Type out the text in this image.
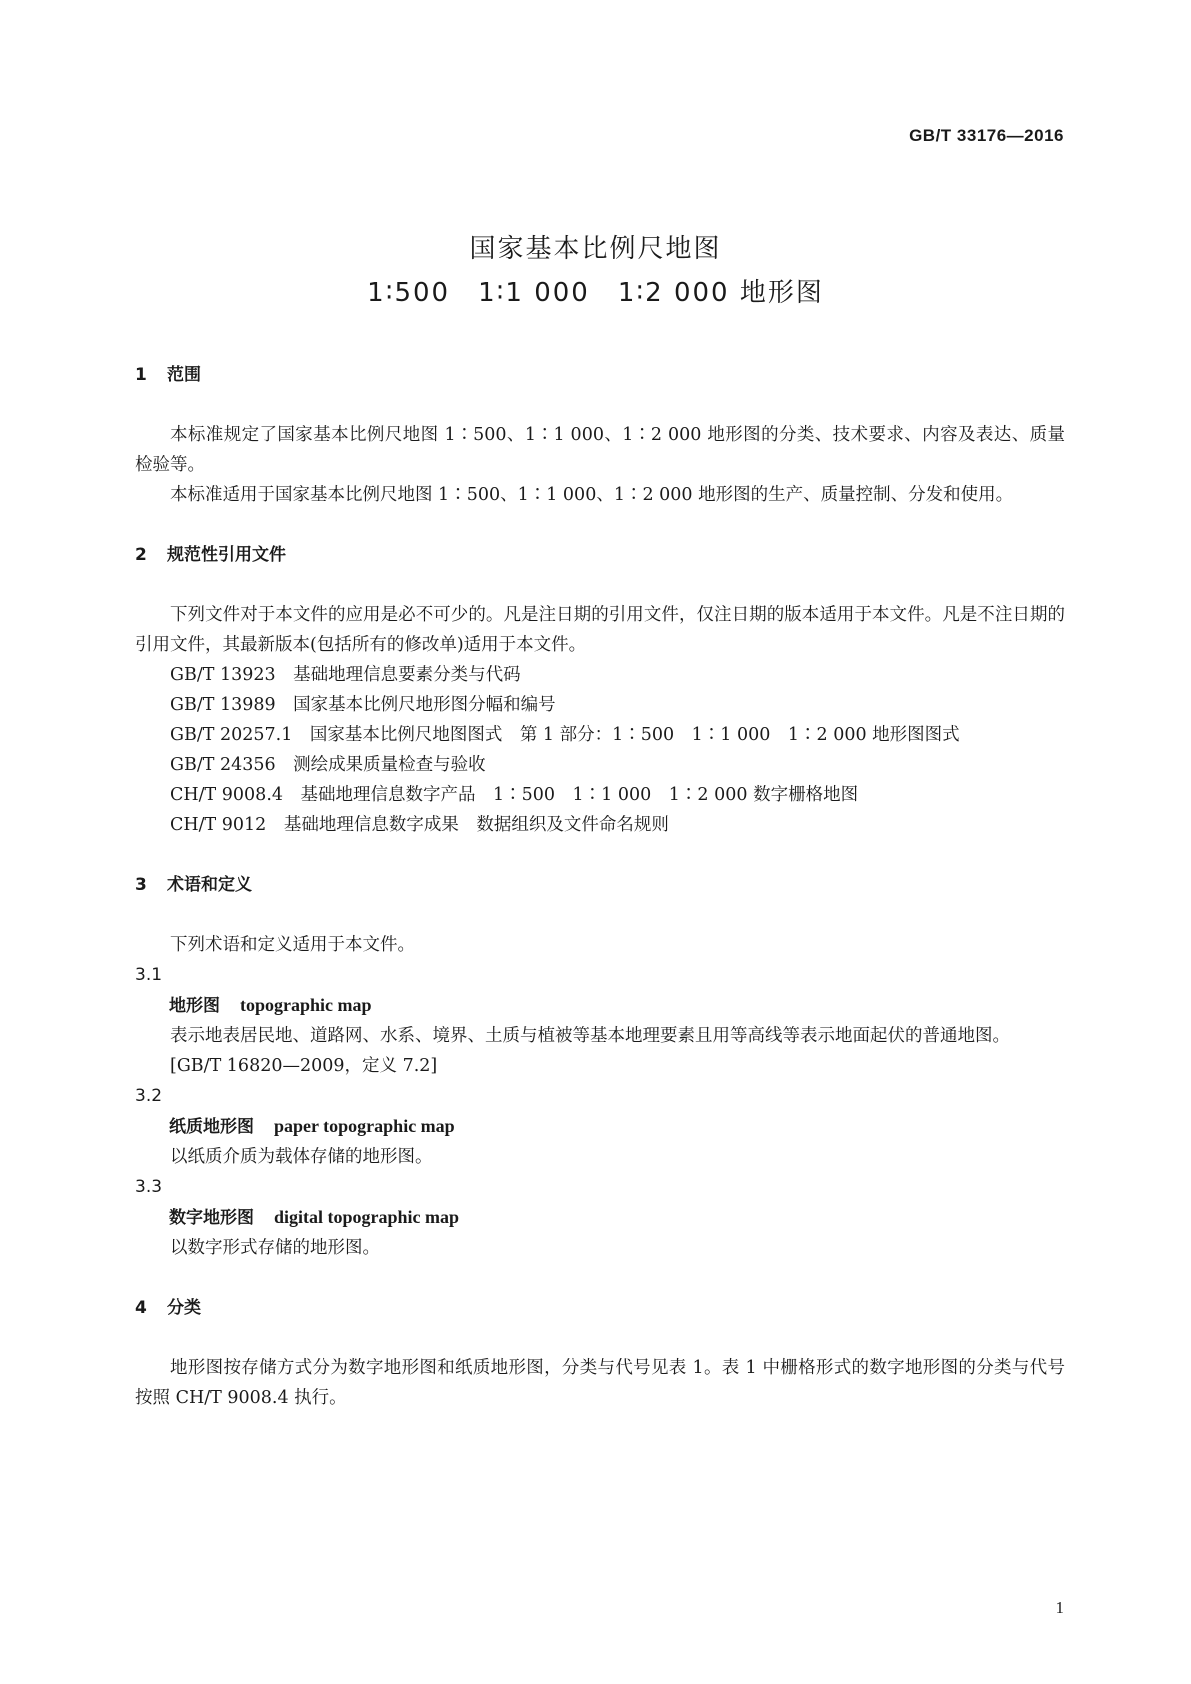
GB/T 33176—2016
国家基本比例尺地图
1∶500　1∶1 000　1∶2 000 地形图
1 范围
本标准规定了国家基本比例尺地图 1∶500、1∶1 000、1∶2 000 地形图的分类、技术要求、内容及表达、质量检验等。
本标准适用于国家基本比例尺地图 1∶500、1∶1 000、1∶2 000 地形图的生产、质量控制、分发和使用。
2 规范性引用文件
下列文件对于本文件的应用是必不可少的。凡是注日期的引用文件，仅注日期的版本适用于本文件。凡是不注日期的引用文件，其最新版本(包括所有的修改单)适用于本文件。
GB/T 13923　基础地理信息要素分类与代码
GB/T 13989　国家基本比例尺地形图分幅和编号
GB/T 20257.1　国家基本比例尺地图图式　第 1 部分：1∶500　1∶1 000　1∶2 000 地形图图式
GB/T 24356　测绘成果质量检查与验收
CH/T 9008.4　基础地理信息数字产品　1∶500　1∶1 000　1∶2 000 数字栅格地图
CH/T 9012　基础地理信息数字成果　数据组织及文件命名规则
3 术语和定义
下列术语和定义适用于本文件。
3.1
地形图 topographic map
表示地表居民地、道路网、水系、境界、土质与植被等基本地理要素且用等高线等表示地面起伏的普通地图。
[GB/T 16820—2009，定义 7.2]
3.2
纸质地形图 paper topographic map
以纸质介质为载体存储的地形图。
3.3
数字地形图 digital topographic map
以数字形式存储的地形图。
4 分类
地形图按存储方式分为数字地形图和纸质地形图，分类与代号见表 1。表 1 中栅格形式的数字地形图的分类与代号按照 CH/T 9008.4 执行。
1
